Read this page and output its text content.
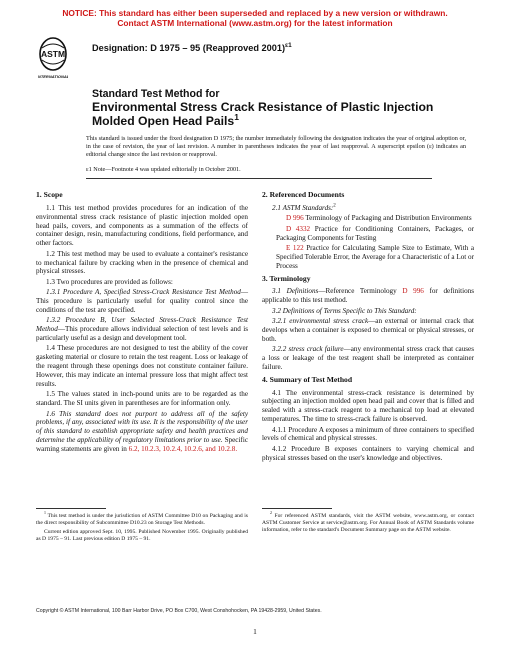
NOTICE: This standard has either been superseded and replaced by a new version or withdrawn.
Contact ASTM International (www.astm.org) for the latest information
ASTM
INTERNATIONAL
Designation: D 1975 – 95 (Reapproved 2001)$^{\varepsilon 1}$
Standard Test Method for
Environmental Stress Crack Resistance of Plastic Injection
Molded Open Head Pails$^1$
This standard is issued under the fixed designation D 1975; the number immediately following the designation indicates the year of original adoption or, in the case of revision, the year of last revision. A number in parentheses indicates the year of last reapproval. A superscript epsilon (ε) indicates an editorial change since the last revision or reapproval.
ε1 Note—Footnote 4 was updated editorially in October 2001.
1. Scope

1.1 This test method provides procedures for an indication of the environmental stress crack resistance of plastic injection molded open head pails, covers, and components as a summation of the effects of container design, resin, manufacturing conditions, field performance, and other factors.

1.2 This test method may be used to evaluate a container's resistance to mechanical failure by cracking when in the presence of chemical and physical stresses.

1.3 Two procedures are provided as follows:

1.3.1 Procedure A, Specified Stress-Crack Resistance Test Method—This procedure is particularly useful for quality control since the conditions of the test are specified.

1.3.2 Procedure B, User Selected Stress-Crack Resistance Test Method—This procedure allows individual selection of test levels and is particularly useful as a design and development tool.

1.4 These procedures are not designed to test the ability of the cover gasketing material or closure to retain the test reagent. Loss or leakage of the reagent through these openings does not constitute container failure. However, this may indicate an internal pressure loss that might affect test results.

1.5 The values stated in inch-pound units are to be regarded as the standard. The SI units given in parentheses are for information only.

1.6 This standard does not purport to address all of the safety problems, if any, associated with its use. It is the responsibility of the user of this standard to establish appropriate safety and health practices and determine the applicability of regulatory limitations prior to use. Specific warning statements are given in 6.2, 10.2.3, 10.2.4, 10.2.6, and 10.2.8.

2. Referenced Documents

2.1 ASTM Standards:$^2$

D 996 Terminology of Packaging and Distribution Environments

D 4332 Practice for Conditioning Containers, Packages, or Packaging Components for Testing

E 122 Practice for Calculating Sample Size to Estimate, With a Specified Tolerable Error, the Average for a Characteristic of a Lot or Process

3. Terminology

3.1 Definitions—Reference Terminology D 996 for definitions applicable to this test method.

3.2 Definitions of Terms Specific to This Standard:

3.2.1 environmental stress crack—an external or internal crack that develops when a container is exposed to chemical or physical stresses, or both.

3.2.2 stress crack failure—any environmental stress crack that causes a loss or leakage of the test reagent shall be interpreted as container failure.

4. Summary of Test Method

4.1 The environmental stress-crack resistance is determined by subjecting an injection molded open head pail and cover that is filled and sealed with a stress-crack reagent to a mechanical top load at elevated temperatures. The time to stress-crack failure is observed.

4.1.1 Procedure A exposes a minimum of three containers to specified levels of chemical and physical stresses.

4.1.2 Procedure B exposes containers to varying chemical and physical stresses based on the user's knowledge and objectives.

$^1$ This test method is under the jurisdiction of ASTM Committee D10 on Packaging and is the direct responsibility of Subcommittee D10.23 on Storage Test Methods.

Current edition approved Sept. 10, 1995. Published November 1995. Originally published as D 1975 – 91. Last previous edition D 1975 – 91.

$^2$ For referenced ASTM standards, visit the ASTM website, www.astm.org, or contact ASTM Customer Service at service@astm.org. For Annual Book of ASTM Standards volume information, refer to the standard's Document Summary page on the ASTM website.

Copyright © ASTM International, 100 Barr Harbor Drive, PO Box C700, West Conshohocken, PA 19428-2959, United States.
1
